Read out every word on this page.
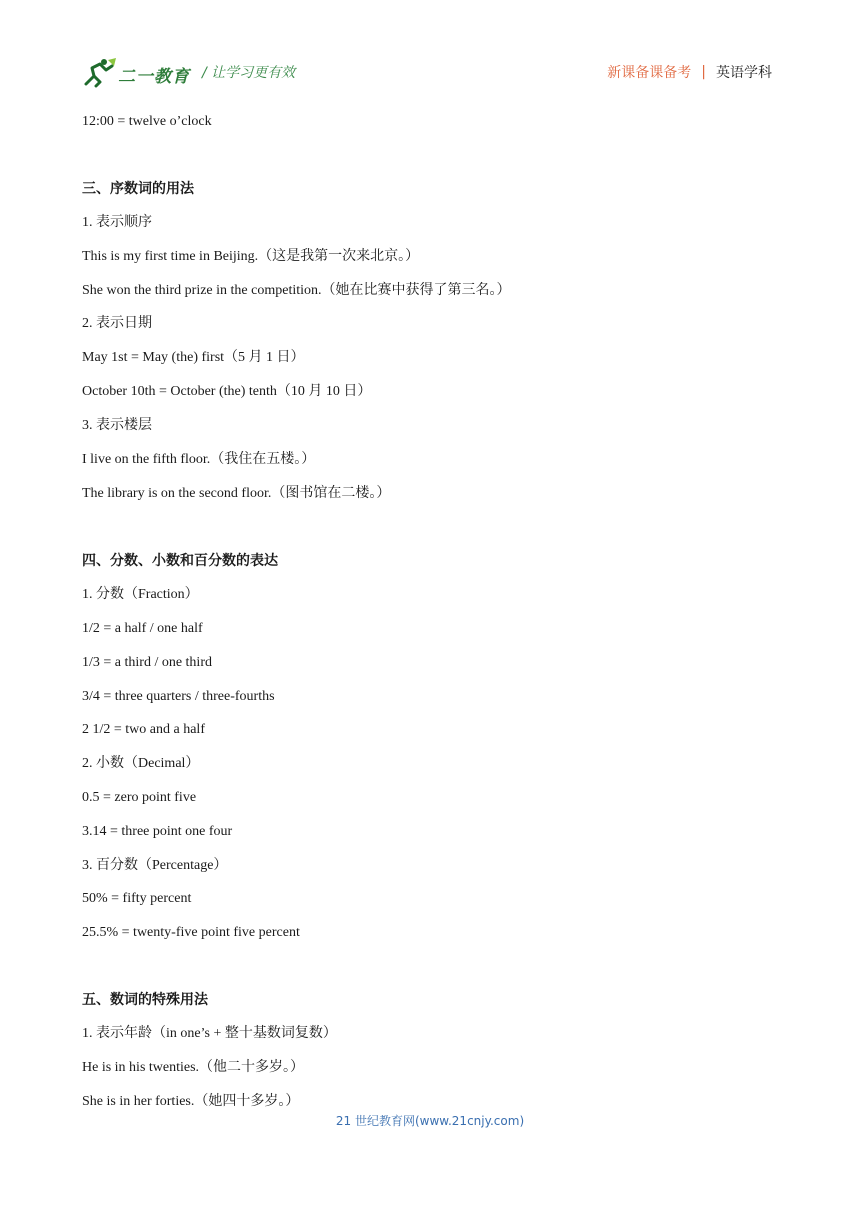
二一教育 / 让学习更有效	新课备课备考 | 英语学科
12:00 = twelve o’clock
三、序数词的用法
1. 表示顺序
This is my first time in Beijing.（这是我第一次来北京。）
She won the third prize in the competition.（她在比赛中获得了第三名。）
2. 表示日期
May 1st = May (the) first（5 月 1 日）
October 10th = October (the) tenth（10 月 10 日）
3. 表示楼层
I live on the fifth floor.（我住在五楼。）
The library is on the second floor.（图书馆在二楼。）
四、分数、小数和百分数的表达
1. 分数（Fraction）
1/2 = a half / one half
1/3 = a third / one third
3/4 = three quarters / three-fourths
2 1/2 = two and a half
2. 小数（Decimal）
0.5 = zero point five
3.14 = three point one four
3. 百分数（Percentage）
50% = fifty percent
25.5% = twenty-five point five percent
五、数词的特殊用法
1. 表示年龄（in one’s + 整十基数词复数）
He is in his twenties.（他二十多岁。）
She is in her forties.（她四十多岁。）
21 世纪教育网(www.21cnjy.com)
